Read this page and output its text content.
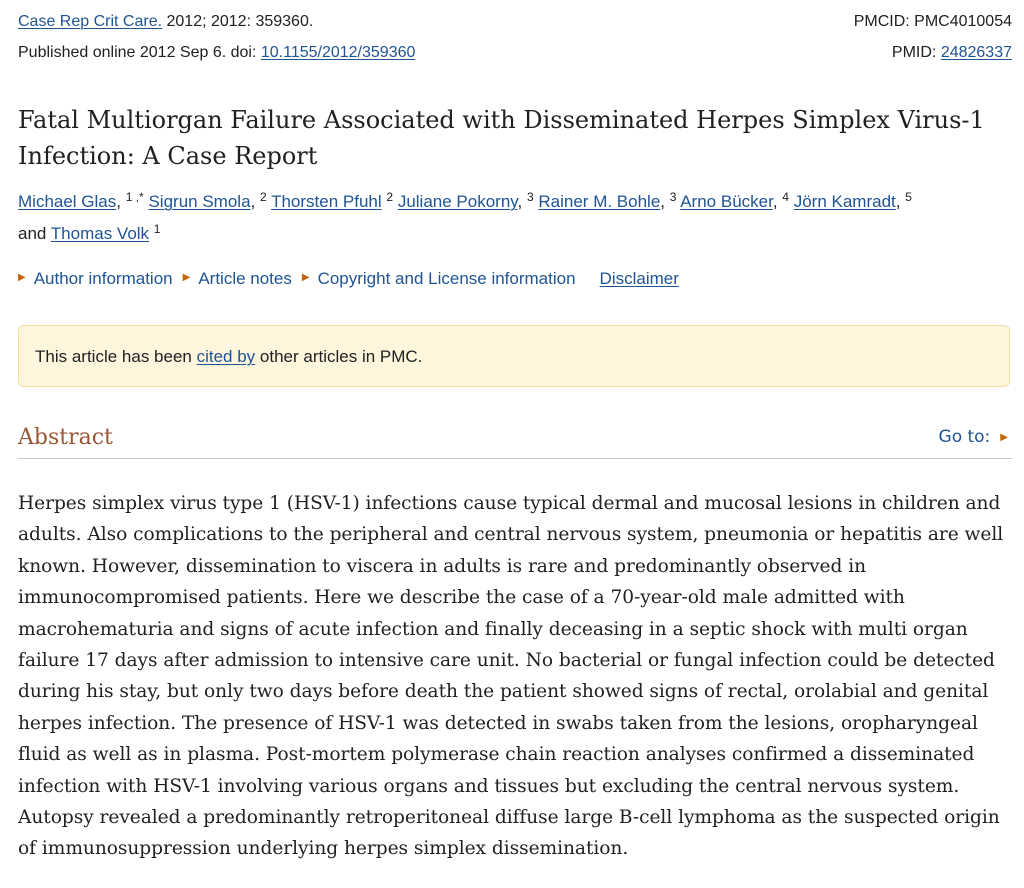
Case Rep Crit Care. 2012; 2012: 359360.	PMCID: PMC4010054
Published online 2012 Sep 6. doi: 10.1155/2012/359360	PMID: 24826337
Fatal Multiorgan Failure Associated with Disseminated Herpes Simplex Virus-1 Infection: A Case Report
Michael Glas, $^{1 ,*}$ Sigrun Smola, $^2$ Thorsten Pfuhl $^2$ Juliane Pokorny, $^3$ Rainer M. Bohle, $^3$ Arno Bücker, $^4$ Jörn Kamradt, $^5$
and Thomas Volk $^1$
▶ Author information ▶ Article notes ▶ Copyright and License information Disclaimer
This article has been cited by other articles in PMC.
Abstract	Go to: ▶

Herpes simplex virus type 1 (HSV-1) infections cause typical dermal and mucosal lesions in children and adults. Also complications to the peripheral and central nervous system, pneumonia or hepatitis are well known. However, dissemination to viscera in adults is rare and predominantly observed in immunocompromised patients. Here we describe the case of a 70-year-old male admitted with macrohematuria and signs of acute infection and finally deceasing in a septic shock with multi organ failure 17 days after admission to intensive care unit. No bacterial or fungal infection could be detected during his stay, but only two days before death the patient showed signs of rectal, orolabial and genital herpes infection. The presence of HSV-1 was detected in swabs taken from the lesions, oropharyngeal fluid as well as in plasma. Post-mortem polymerase chain reaction analyses confirmed a disseminated infection with HSV-1 involving various organs and tissues but excluding the central nervous system. Autopsy revealed a predominantly retroperitoneal diffuse large B-cell lymphoma as the suspected origin of immunosuppression underlying herpes simplex dissemination.
